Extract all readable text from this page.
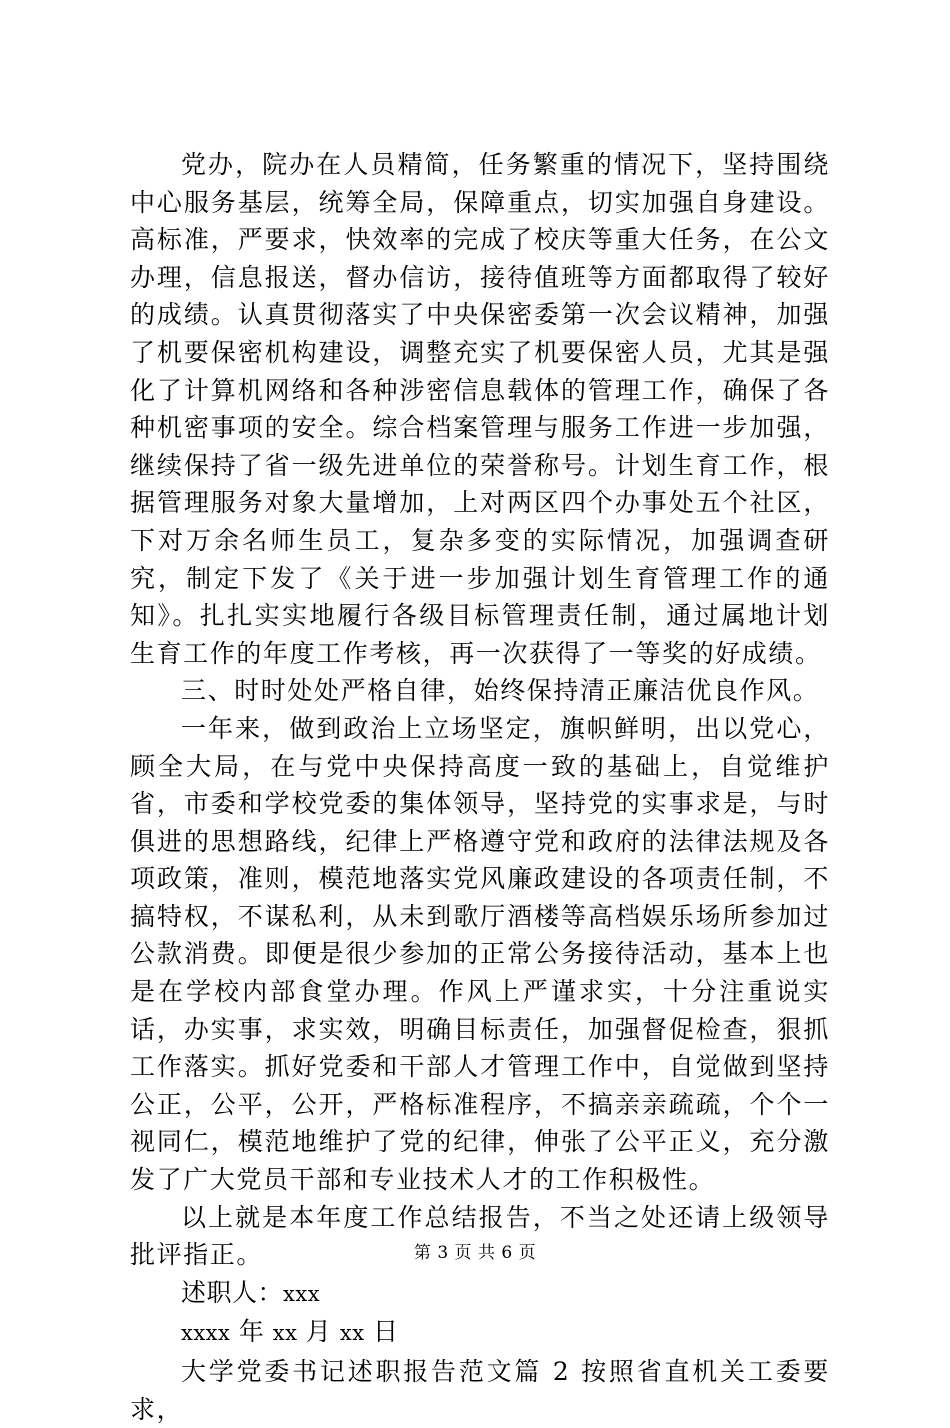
党办，院办在人员精简，任务繁重的情况下，坚持围绕中心服务基层，统筹全局，保障重点，切实加强自身建设。高标准，严要求，快效率的完成了校庆等重大任务，在公文办理，信息报送，督办信访，接待值班等方面都取得了较好的成绩。认真贯彻落实了中央保密委第一次会议精神，加强了机要保密机构建设，调整充实了机要保密人员，尤其是强化了计算机网络和各种涉密信息载体的管理工作，确保了各种机密事项的安全。综合档案管理与服务工作进一步加强，继续保持了省一级先进单位的荣誉称号。计划生育工作，根据管理服务对象大量增加，上对两区四个办事处五个社区，下对万余名师生员工，复杂多变的实际情况，加强调查研究，制定下发了《关于进一步加强计划生育管理工作的通知》。扎扎实实地履行各级目标管理责任制，通过属地计划生育工作的年度工作考核，再一次获得了一等奖的好成绩。

三、时时处处严格自律，始终保持清正廉洁优良作风。

一年来，做到政治上立场坚定，旗帜鲜明，出以党心，顾全大局，在与党中央保持高度一致的基础上，自觉维护省，市委和学校党委的集体领导，坚持党的实事求是，与时俱进的思想路线，纪律上严格遵守党和政府的法律法规及各项政策，准则，模范地落实党风廉政建设的各项责任制，不搞特权，不谋私利，从未到歌厅酒楼等高档娱乐场所参加过公款消费。即便是很少参加的正常公务接待活动，基本上也是在学校内部食堂办理。作风上严谨求实，十分注重说实话，办实事，求实效，明确目标责任，加强督促检查，狠抓工作落实。抓好党委和干部人才管理工作中，自觉做到坚持公正，公平，公开，严格标准程序，不搞亲亲疏疏，个个一视同仁，模范地维护了党的纪律，伸张了公平正义，充分激发了广大党员干部和专业技术人才的工作积极性。

以上就是本年度工作总结报告，不当之处还请上级领导批评指正。

述职人：xxx

xxxx 年 xx 月 xx 日

大学党委书记述职报告范文篇 2 按照省直机关工委要求，

第 3 页 共 6 页
